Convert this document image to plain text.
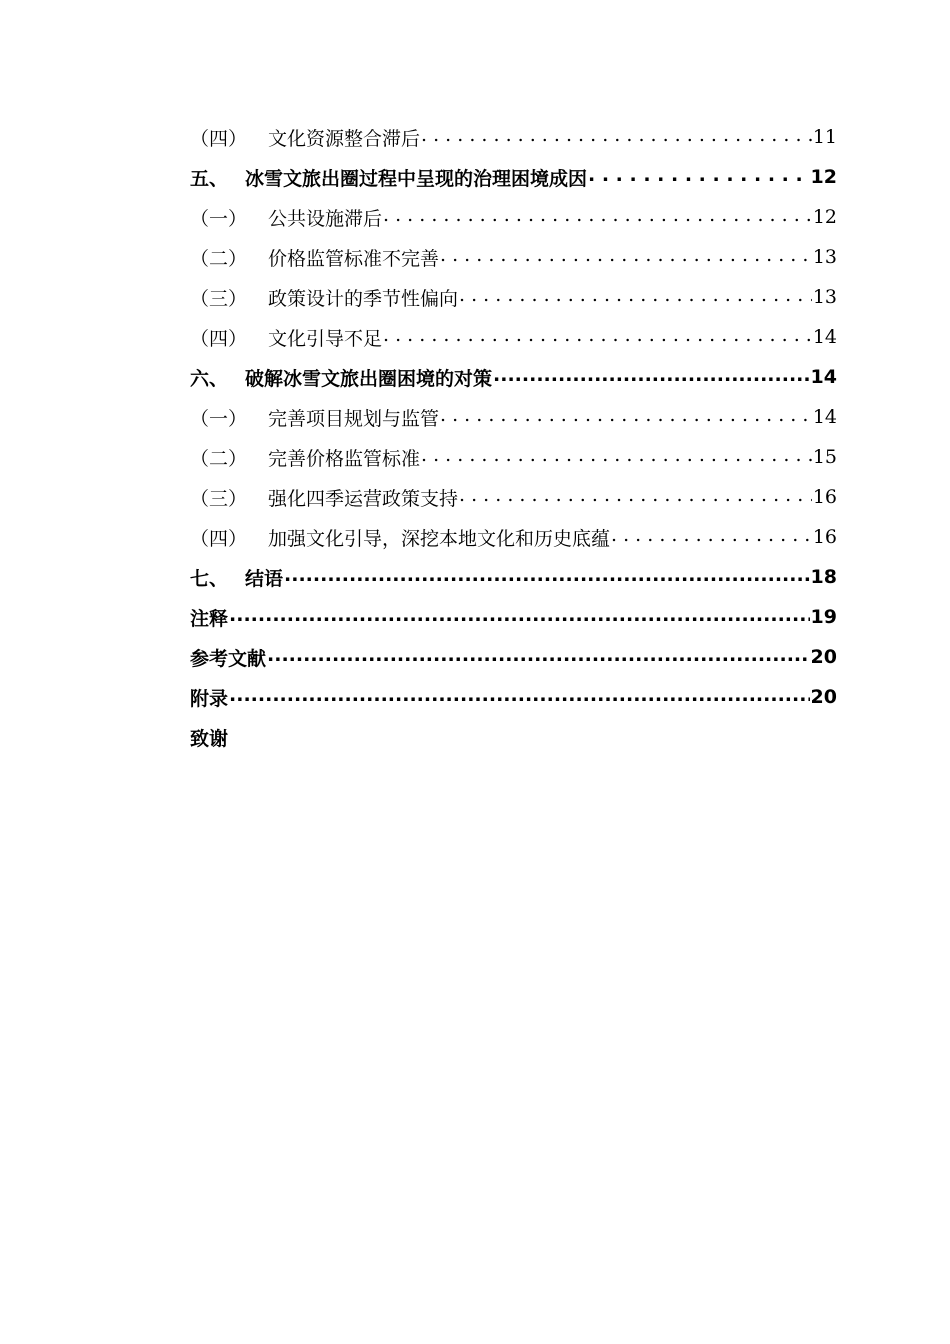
（四）	文化资源整合滞后 . . .	11
五、 冰雪文旅出圈过程中呈现的治理困境成因 . . .	12
（一）	公共设施滞后 . . .	12
（二）	价格监管标准不完善 . . .	13
（三）	政策设计的季节性偏向 . . .	13
（四）	文化引导不足 . . .	14
六、 破解冰雪文旅出圈困境的对策 .....	14
（一）	完善项目规划与监管 . . .	14
（二）	完善价格监管标准 . . .	15
（三）	强化四季运营政策支持 . . .	16
（四）	加强文化引导，深挖本地文化和历史底蕴 . . .	16
七、 结语 .....	18
注释 .....	19
参考文献 .....	20
附录 .....	20
致谢
